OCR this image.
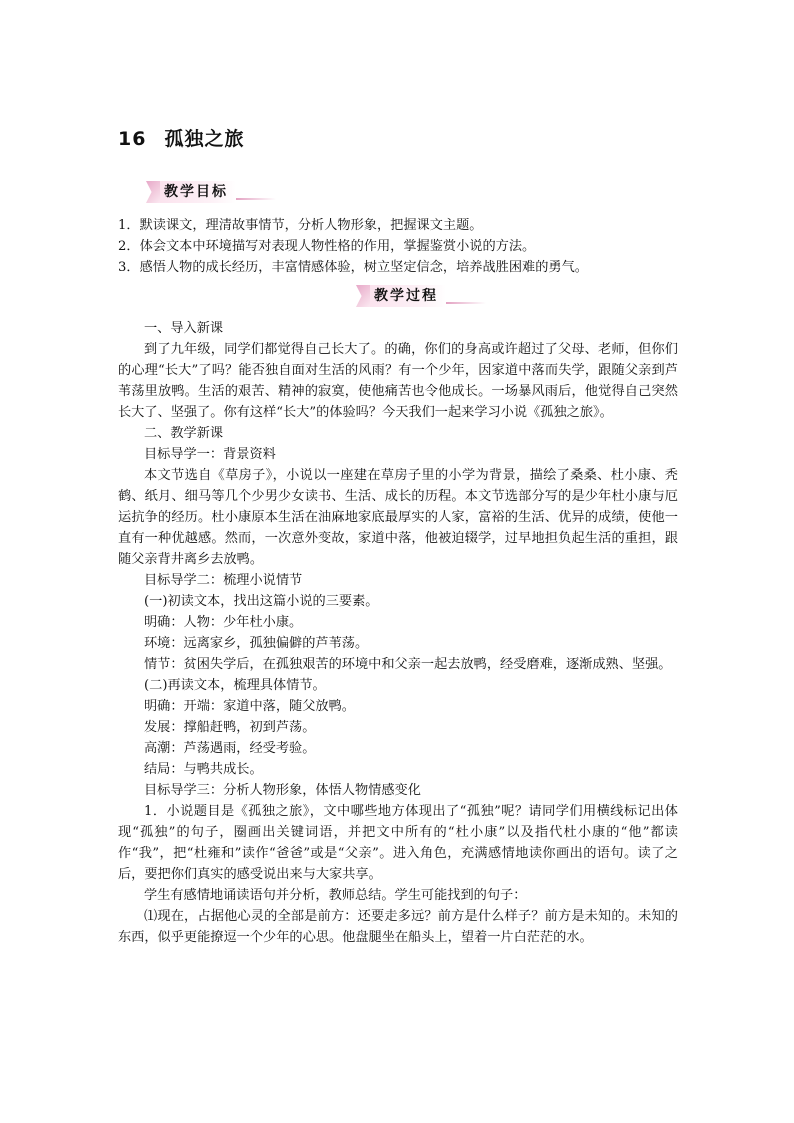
16 孤独之旅
教学目标

1．默读课文，理清故事情节，分析人物形象，把握课文主题。

2．体会文本中环境描写对表现人物性格的作用，掌握鉴赏小说的方法。

3．感悟人物的成长经历，丰富情感体验，树立坚定信念，培养战胜困难的勇气。

教学过程

一、导入新课

到了九年级，同学们都觉得自己长大了。的确，你们的身高或许超过了父母、老师，但你们的心理“长大”了吗？能否独自面对生活的风雨？有一个少年，因家道中落而失学，跟随父亲到芦苇荡里放鸭。生活的艰苦、精神的寂寞，使他痛苦也令他成长。一场暴风雨后，他觉得自己突然长大了、坚强了。你有这样“长大”的体验吗？今天我们一起来学习小说《孤独之旅》。

二、教学新课

目标导学一：背景资料

本文节选自《草房子》，小说以一座建在草房子里的小学为背景，描绘了桑桑、杜小康、秃鹤、纸月、细马等几个少男少女读书、生活、成长的历程。本文节选部分写的是少年杜小康与厄运抗争的经历。杜小康原本生活在油麻地家底最厚实的人家，富裕的生活、优异的成绩，使他一直有一种优越感。然而，一次意外变故，家道中落，他被迫辍学，过早地担负起生活的重担，跟随父亲背井离乡去放鸭。

目标导学二：梳理小说情节

(一)初读文本，找出这篇小说的三要素。

明确：人物：少年杜小康。

环境：远离家乡，孤独偏僻的芦苇荡。

情节：贫困失学后，在孤独艰苦的环境中和父亲一起去放鸭，经受磨难，逐渐成熟、坚强。

(二)再读文本，梳理具体情节。

明确：开端：家道中落，随父放鸭。

发展：撑船赶鸭，初到芦荡。

高潮：芦荡遇雨，经受考验。

结局：与鸭共成长。

目标导学三：分析人物形象，体悟人物情感变化

1．小说题目是《孤独之旅》，文中哪些地方体现出了“孤独”呢？请同学们用横线标记出体现“孤独”的句子，圈画出关键词语，并把文中所有的“杜小康”以及指代杜小康的“他”都读作“我”，把“杜雍和”读作“爸爸”或是“父亲”。进入角色，充满感情地读你画出的语句。读了之后，要把你们真实的感受说出来与大家共享。

学生有感情地诵读语句并分析，教师总结。学生可能找到的句子：

⑴现在，占据他心灵的全部是前方：还要走多远？前方是什么样子？前方是未知的。未知的东西，似乎更能撩逗一个少年的心思。他盘腿坐在船头上，望着一片白茫茫的水。
